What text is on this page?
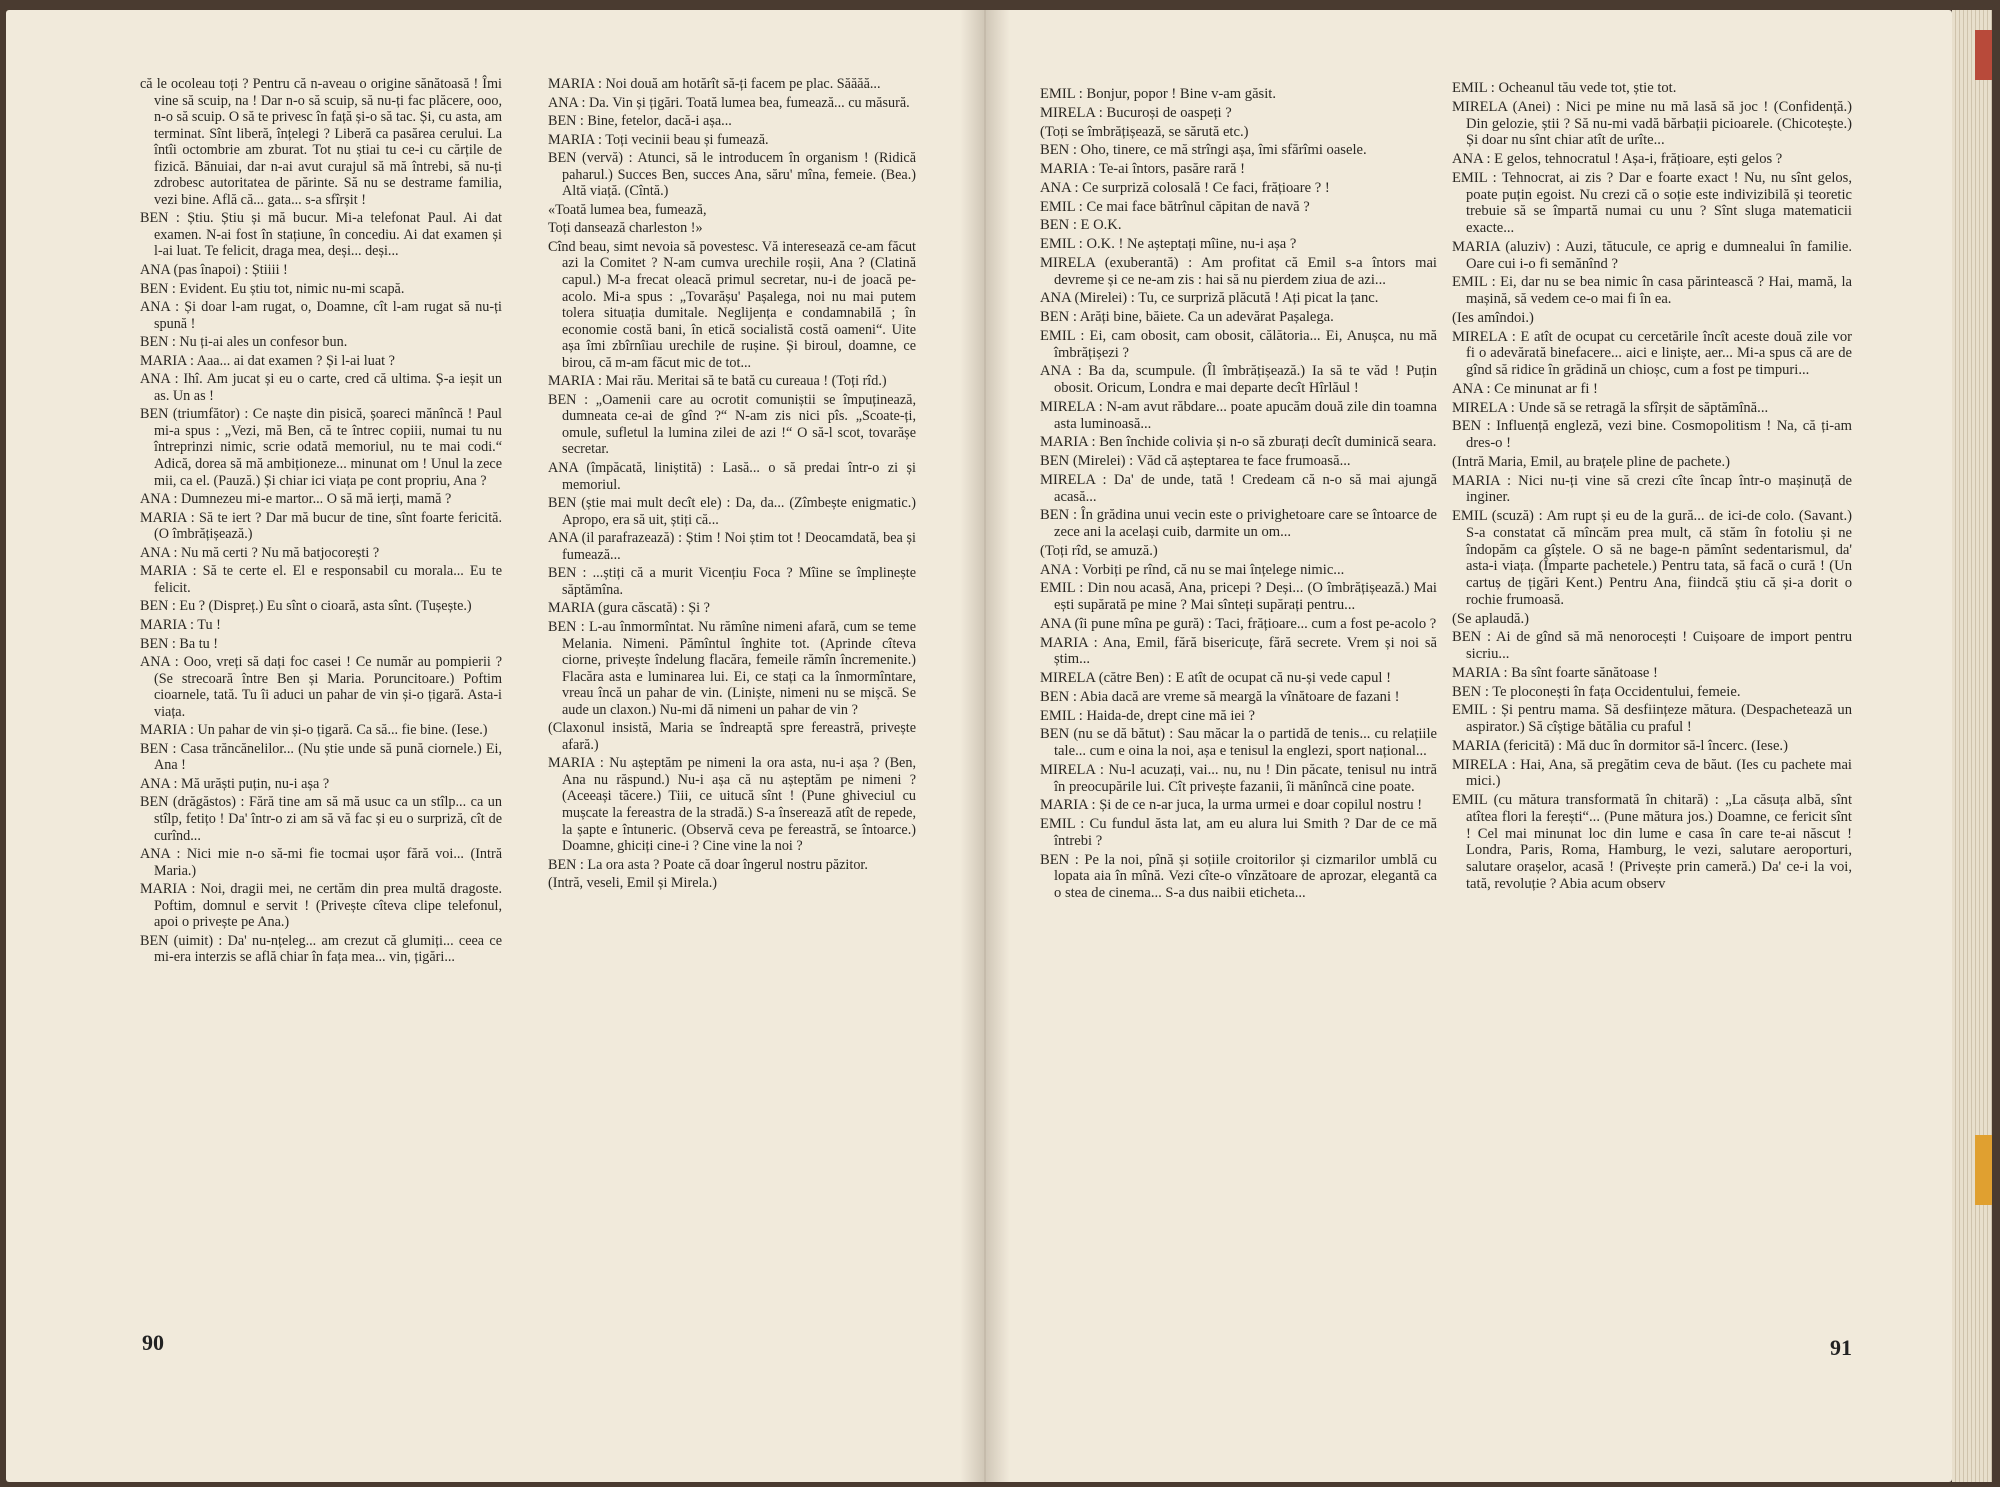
că le ocoleau toți ? Pentru că n-aveau o origine sănătoasă ! Îmi vine să scuip, na ! Dar n-o să scuip, să nu-ți fac plăcere, ooo, n-o să scuip. O să te privesc în față și-o să tac. Și, cu asta, am terminat. Sînt liberă, înțelegi ? Liberă ca pasărea cerului. La întîi octombrie am zburat. Tot nu știai tu ce-i cu cărțile de fizică. Bănuiai, dar n-ai avut curajul să mă întrebi, să nu-ți zdrobesc autoritatea de părinte. Să nu se destrame familia, vezi bine. Află că... gata... s-a sfîrșit !

BEN : Știu. Știu și mă bucur. Mi-a telefonat Paul. Ai dat examen. N-ai fost în stațiune, în concediu. Ai dat examen și l-ai luat. Te felicit, draga mea, deși... deși...

ANA (pas înapoi) : Știiii !

BEN : Evident. Eu știu tot, nimic nu-mi scapă.

ANA : Și doar l-am rugat, o, Doamne, cît l-am rugat să nu-ți spună !

BEN : Nu ți-ai ales un confesor bun.

MARIA : Aaa... ai dat examen ? Și l-ai luat ?

ANA : Ihî. Am jucat și eu o carte, cred că ultima. Ș-a ieșit un as. Un as !

BEN (triumfător) : Ce naște din pisică, șoareci mănîncă ! Paul mi-a spus : „Vezi, mă Ben, că te întrec copiii, numai tu nu întreprinzi nimic, scrie odată memoriul, nu te mai codi.“ Adică, dorea să mă ambiționeze... minunat om ! Unul la zece mii, ca el. (Pauză.) Și chiar ici viața pe cont propriu, Ana ?

ANA : Dumnezeu mi-e martor... O să mă ierți, mamă ?

MARIA : Să te iert ? Dar mă bucur de tine, sînt foarte fericită. (O îmbrățișează.)

ANA : Nu mă certi ? Nu mă batjocorești ?

MARIA : Să te certe el. El e responsabil cu morala... Eu te felicit.

BEN : Eu ? (Dispreț.) Eu sînt o cioară, asta sînt. (Tușește.)

MARIA : Tu !

BEN : Ba tu !

ANA : Ooo, vreți să dați foc casei ! Ce număr au pompierii ? (Se strecoară între Ben și Maria. Poruncitoare.) Poftim cioarnele, tată. Tu îi aduci un pahar de vin și-o țigară. Asta-i viața.

MARIA : Un pahar de vin și-o țigară. Ca să... fie bine. (Iese.)

BEN : Casa trăncănelilor... (Nu știe unde să pună ciornele.) Ei, Ana !

ANA : Mă urăști puțin, nu-i așa ?

BEN (drăgăstos) : Fără tine am să mă usuc ca un stîlp... ca un stîlp, fetițo ! Da' într-o zi am să vă fac și eu o surpriză, cît de curînd...

ANA : Nici mie n-o să-mi fie tocmai ușor fără voi... (Intră Maria.)

MARIA : Noi, dragii mei, ne certăm din prea multă dragoste. Poftim, domnul e servit ! (Privește cîteva clipe telefonul, apoi o privește pe Ana.)

BEN (uimit) : Da' nu-nțeleg... am crezut că glumiți... ceea ce mi-era interzis se află chiar în fața mea... vin, țigări...

MARIA : Noi două am hotărît să-ți facem pe plac. Săăăă...

ANA : Da. Vin și țigări. Toată lumea bea, fumează... cu măsură.

BEN : Bine, fetelor, dacă-i așa...

MARIA : Toți vecinii beau și fumează.

BEN (vervă) : Atunci, să le introducem în organism ! (Ridică paharul.) Succes Ben, succes Ana, săru' mîna, femeie. (Bea.) Altă viață. (Cîntă.)

«Toată lumea bea, fumează,

Toți dansează charleston !»

Cînd beau, simt nevoia să povestesc. Vă interesează ce-am făcut azi la Comitet ? N-am cumva urechile roșii, Ana ? (Clatină capul.) M-a frecat oleacă primul secretar, nu-i de joacă pe-acolo. Mi-a spus : „Tovarășu' Pașalega, noi nu mai putem tolera situația dumitale. Neglijența e condamnabilă ; în economie costă bani, în etică socialistă costă oameni“. Uite așa îmi zbîrnîiau urechile de rușine. Și biroul, doamne, ce birou, că m-am făcut mic de tot...

MARIA : Mai rău. Meritai să te bată cu cureaua ! (Toți rîd.)

BEN : „Oamenii care au ocrotit comuniștii se împuținează, dumneata ce-ai de gînd ?“ N-am zis nici pîs. „Scoate-ți, omule, sufletul la lumina zilei de azi !“ O să-l scot, tovarășe secretar.

ANA (împăcată, liniștită) : Lasă... o să predai într-o zi și memoriul.

BEN (știe mai mult decît ele) : Da, da... (Zîmbește enigmatic.) Apropo, era să uit, știți că...

ANA (il parafrazează) : Știm ! Noi știm tot ! Deocamdată, bea și fumează...

BEN : ...știți că a murit Vicențiu Foca ? Mîine se împlinește săptămîna.

MARIA (gura căscată) : Și ?

BEN : L-au înmormîntat. Nu rămîne nimeni afară, cum se teme Melania. Nimeni. Pămîntul înghite tot. (Aprinde cîteva ciorne, privește îndelung flacăra, femeile rămîn încremenite.) Flacăra asta e luminarea lui. Ei, ce stați ca la înmormîntare, vreau încă un pahar de vin. (Liniște, nimeni nu se mișcă. Se aude un claxon.) Nu-mi dă nimeni un pahar de vin ?

(Claxonul insistă, Maria se îndreaptă spre fereastră, privește afară.)

MARIA : Nu așteptăm pe nimeni la ora asta, nu-i așa ? (Ben, Ana nu răspund.) Nu-i așa că nu așteptăm pe nimeni ? (Aceeași tăcere.) Tiii, ce uitucă sînt ! (Pune ghiveciul cu mușcate la fereastra de la stradă.) S-a înserează atît de repede, la șapte e întuneric. (Observă ceva pe fereastră, se întoarce.) Doamne, ghiciți cine-i ? Cine vine la noi ?

BEN : La ora asta ? Poate că doar îngerul nostru păzitor.

(Intră, veseli, Emil și Mirela.)

EMIL : Bonjur, popor ! Bine v-am găsit.

MIRELA : Bucuroși de oaspeți ?

(Toți se îmbrățișează, se sărută etc.)

BEN : Oho, tinere, ce mă strîngi așa, îmi sfărîmi oasele.

MARIA : Te-ai întors, pasăre rară !

ANA : Ce surpriză colosală ! Ce faci, frățioare ? !

EMIL : Ce mai face bătrînul căpitan de navă ?

BEN : E O.K.

EMIL : O.K. ! Ne așteptați mîine, nu-i așa ?

MIRELA (exuberantă) : Am profitat că Emil s-a întors mai devreme și ce ne-am zis : hai să nu pierdem ziua de azi...

ANA (Mirelei) : Tu, ce surpriză plăcută ! Ați picat la țanc.

BEN : Arăți bine, băiete. Ca un adevărat Pașalega.

EMIL : Ei, cam obosit, cam obosit, călătoria... Ei, Anușca, nu mă îmbrățișezi ?

ANA : Ba da, scumpule. (Îl îmbrățișează.) Ia să te văd ! Puțin obosit. Oricum, Londra e mai departe decît Hîrlăul !

MIRELA : N-am avut răbdare... poate apucăm două zile din toamna asta luminoasă...

MARIA : Ben închide colivia și n-o să zburați decît duminică seara.

BEN (Mirelei) : Văd că așteptarea te face frumoasă...

MIRELA : Da' de unde, tată ! Credeam că n-o să mai ajungă acasă...

BEN : În grădina unui vecin este o privighetoare care se întoarce de zece ani la același cuib, darmite un om...

(Toți rîd, se amuză.)

ANA : Vorbiți pe rînd, că nu se mai înțelege nimic...

EMIL : Din nou acasă, Ana, pricepi ? Deși... (O îmbrățișează.) Mai ești supărată pe mine ? Mai sînteți supărați pentru...

ANA (îi pune mîna pe gură) : Taci, frățioare... cum a fost pe-acolo ?

MARIA : Ana, Emil, fără bisericuțe, fără secrete. Vrem și noi să știm...

MIRELA (către Ben) : E atît de ocupat că nu-și vede capul !

BEN : Abia dacă are vreme să meargă la vînătoare de fazani !

EMIL : Haida-de, drept cine mă iei ?

BEN (nu se dă bătut) : Sau măcar la o partidă de tenis... cu relațiile tale... cum e oina la noi, așa e tenisul la englezi, sport național...

MIRELA : Nu-l acuzați, vai... nu, nu ! Din păcate, tenisul nu intră în preocupările lui. Cît privește fazanii, îi mănîncă cine poate.

MARIA : Și de ce n-ar juca, la urma urmei e doar copilul nostru !

EMIL : Cu fundul ăsta lat, am eu alura lui Smith ? Dar de ce mă întrebi ?

BEN : Pe la noi, pînă și soțiile croitorilor și cizmarilor umblă cu lopata aia în mînă. Vezi cîte-o vînzătoare de aprozar, elegantă ca o stea de cinema... S-a dus naibii eticheta...

EMIL : Ocheanul tău vede tot, știe tot.

MIRELA (Anei) : Nici pe mine nu mă lasă să joc ! (Confidență.) Din gelozie, știi ? Să nu-mi vadă bărbații picioarele. (Chicotește.) Și doar nu sînt chiar atît de urîte...

ANA : E gelos, tehnocratul ! Așa-i, frățioare, ești gelos ?

EMIL : Tehnocrat, ai zis ? Dar e foarte exact ! Nu, nu sînt gelos, poate puțin egoist. Nu crezi că o soție este indivizibilă și teoretic trebuie să se împartă numai cu unu ? Sînt sluga matematicii exacte...

MARIA (aluziv) : Auzi, tătucule, ce aprig e dumnealui în familie. Oare cui i-o fi semănînd ?

EMIL : Ei, dar nu se bea nimic în casa părintească ? Hai, mamă, la mașină, să vedem ce-o mai fi în ea.

(Ies amîndoi.)

MIRELA : E atît de ocupat cu cercetările încît aceste două zile vor fi o adevărată binefacere... aici e liniște, aer... Mi-a spus că are de gînd să ridice în grădină un chioșc, cum a fost pe timpuri...

ANA : Ce minunat ar fi !

MIRELA : Unde să se retragă la sfîrșit de săptămînă...

BEN : Influență engleză, vezi bine. Cosmopolitism ! Na, că ți-am dres-o !

(Intră Maria, Emil, au brațele pline de pachete.)

MARIA : Nici nu-ți vine să crezi cîte încap într-o mașinuță de inginer.

EMIL (scuză) : Am rupt și eu de la gură... de ici-de colo. (Savant.) S-a constatat că mîncăm prea mult, că stăm în fotoliu și ne îndopăm ca gîștele. O să ne bage-n pămînt sedentarismul, da' asta-i viața. (Împarte pachetele.) Pentru tata, să facă o cură ! (Un cartuș de țigări Kent.) Pentru Ana, fiindcă știu că și-a dorit o rochie frumoasă.

(Se aplaudă.)

BEN : Ai de gînd să mă nenorocești ! Cuișoare de import pentru sicriu...

MARIA : Ba sînt foarte sănătoase !

BEN : Te ploconești în fața Occidentului, femeie.

EMIL : Și pentru mama. Să desființeze mătura. (Despachetează un aspirator.) Să cîștige bătălia cu praful !

MARIA (fericită) : Mă duc în dormitor să-l încerc. (Iese.)

MIRELA : Hai, Ana, să pregătim ceva de băut. (Ies cu pachete mai mici.)

EMIL (cu mătura transformată în chitară) : „La căsuța albă, sînt atîtea flori la ferești“... (Pune mătura jos.) Doamne, ce fericit sînt ! Cel mai minunat loc din lume e casa în care te-ai născut ! Londra, Paris, Roma, Hamburg, le vezi, salutare aeroporturi, salutare orașelor, acasă ! (Privește prin cameră.) Da' ce-i la voi, tată, revoluție ? Abia acum observ

90	91
